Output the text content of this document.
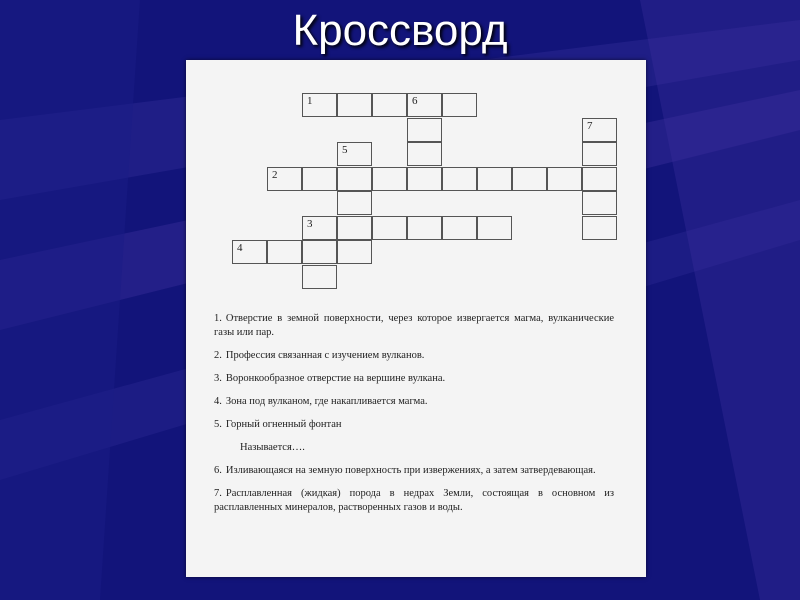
Кроссворд
1	6
7
5
2
3
4
1. Отверстие в земной поверхности, через которое извергается магма, вулканические газы или пар.
2. Профессия связанная с изучением вулканов.
3. Воронкообразное отверстие на вершине вулкана.
4. Зона под вулканом, где накапливается магма.
5. Горный огненный фонтан
Называется….
6. Изливающаяся на земную поверхность при извержениях, а затем затвердевающая.
7. Расплавленная (жидкая) порода в недрах Земли, состоящая в основном из расплавленных минералов, растворенных газов и воды.
